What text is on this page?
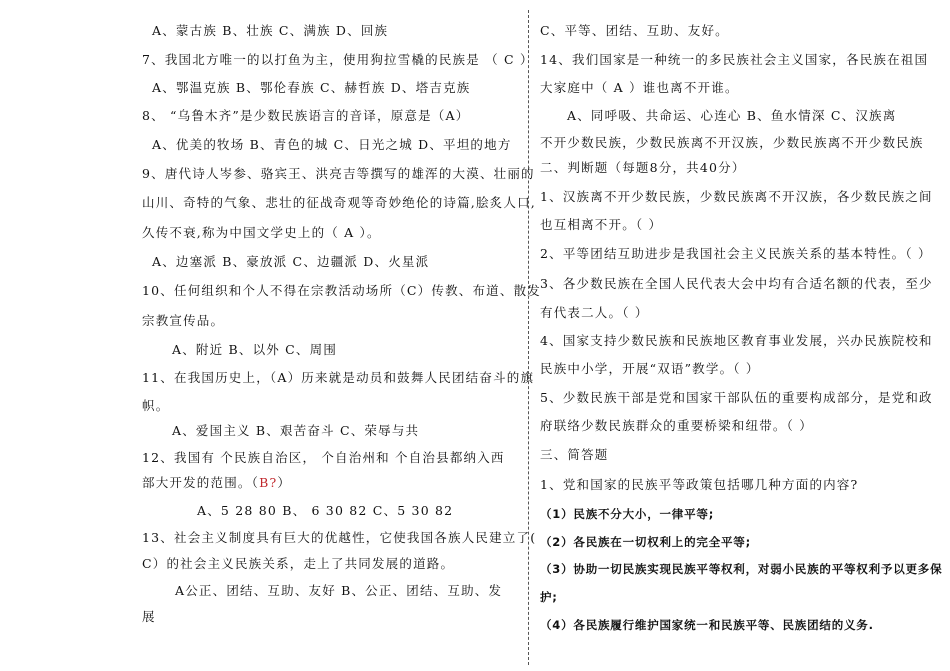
A、蒙古族 B、壮族 C、满族 D、回族
7、我国北方唯一的以打鱼为主，使用狗拉雪橇的民族是 （ C ）
A、鄂温克族 B、鄂伦春族 C、赫哲族 D、塔吉克族
8、 “乌鲁木齐”是少数民族语言的音译，原意是（A）
A、优美的牧场 B、青色的城 C、日光之城 D、平坦的地方
9、唐代诗人岑参、骆宾王、洪亮吉等撰写的雄浑的大漠、壮丽的
山川、奇特的气象、悲壮的征战奇观等奇妙绝伦的诗篇,脍炙人口,
久传不衰,称为中国文学史上的（ A ）。
A、边塞派 B、豪放派 C、边疆派 D、火星派
10、任何组织和个人不得在宗教活动场所（C）传教、布道、散发
宗教宣传品。
A、附近 B、以外 C、周围
11、在我国历史上，（A）历来就是动员和鼓舞人民团结奋斗的旗
帜。
A、爱国主义 B、艰苦奋斗 C、荣辱与共
12、我国有 个民族自治区， 个自治州和 个自治县都纳入西
部大开发的范围。（B?）
A、5 28 80 B、 6 30 82 C、5 30 82
13、社会主义制度具有巨大的优越性，它使我国各族人民建立了(
C）的社会主义民族关系，走上了共同发展的道路。
A公正、团结、互助、友好 B、公正、团结、互助、发
展
C、平等、团结、互助、友好。
14、我们国家是一种统一的多民族社会主义国家，各民族在祖国
大家庭中（ A ）谁也离不开谁。
A、同呼吸、共命运、心连心 B、鱼水情深 C、汉族离
不开少数民族，少数民族离不开汉族，少数民族离不开少数民族
二、判断题（每题8分，共40分）
1、汉族离不开少数民族，少数民族离不开汉族，各少数民族之间
也互相离不开。（ ）
2、平等团结互助进步是我国社会主义民族关系的基本特性。（ ）
3、各少数民族在全国人民代表大会中均有合适名额的代表，至少
有代表二人。（ ）
4、国家支持少数民族和民族地区教育事业发展，兴办民族院校和
民族中小学，开展“双语”教学。（ ）
5、少数民族干部是党和国家干部队伍的重要构成部分，是党和政
府联络少数民族群众的重要桥梁和纽带。（ ）
三、简答题
1、党和国家的民族平等政策包括哪几种方面的内容?
（1）民族不分大小，一律平等;
（2）各民族在一切权利上的完全平等;
（3）协助一切民族实现民族平等权利，对弱小民族的平等权利予以更多保
护;
（4）各民族履行维护国家统一和民族平等、民族团结的义务.
